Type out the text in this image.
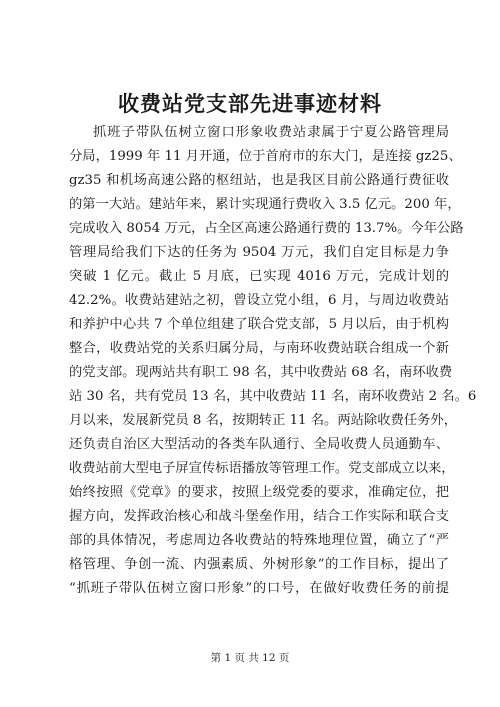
收费站党支部先进事迹材料
抓班子带队伍树立窗口形象收费站隶属于宁夏公路管理局
分局，1999 年 11 月开通，位于首府市的东大门，是连接 gz25、
gz35 和机场高速公路的枢纽站，也是我区目前公路通行费征收
的第一大站。建站年来，累计实现通行费收入 3.5 亿元。200 年，
完成收入 8054 万元，占全区高速公路通行费的 13.7%。今年公路
管理局给我们下达的任务为 9504 万元，我们自定目标是力争
突破 1 亿元。截止 5 月底，已实现 4016 万元，完成计划的
42.2%。收费站建站之初，曾设立党小组，6 月，与周边收费站
和养护中心共 7 个单位组建了联合党支部，5 月以后，由于机构
整合，收费站党的关系归属分局，与南环收费站联合组成一个新
的党支部。现两站共有职工 98 名，其中收费站 68 名，南环收费
站 30 名，共有党员 13 名，其中收费站 11 名，南环收费站 2 名。6
月以来，发展新党员 8 名，按期转正 11 名。两站除收费任务外，
还负责自治区大型活动的各类车队通行、全局收费人员通勤车、
收费站前大型电子屏宣传标语播放等管理工作。党支部成立以来，
始终按照《党章》的要求，按照上级党委的要求，准确定位，把
握方向，发挥政治核心和战斗堡垒作用，结合工作实际和联合支
部的具体情况，考虑周边各收费站的特殊地理位置，确立了“严
格管理、争创一流、内强素质、外树形象”的工作目标，提出了
“抓班子带队伍树立窗口形象”的口号，在做好收费任务的前提
第 1 页 共 12 页
